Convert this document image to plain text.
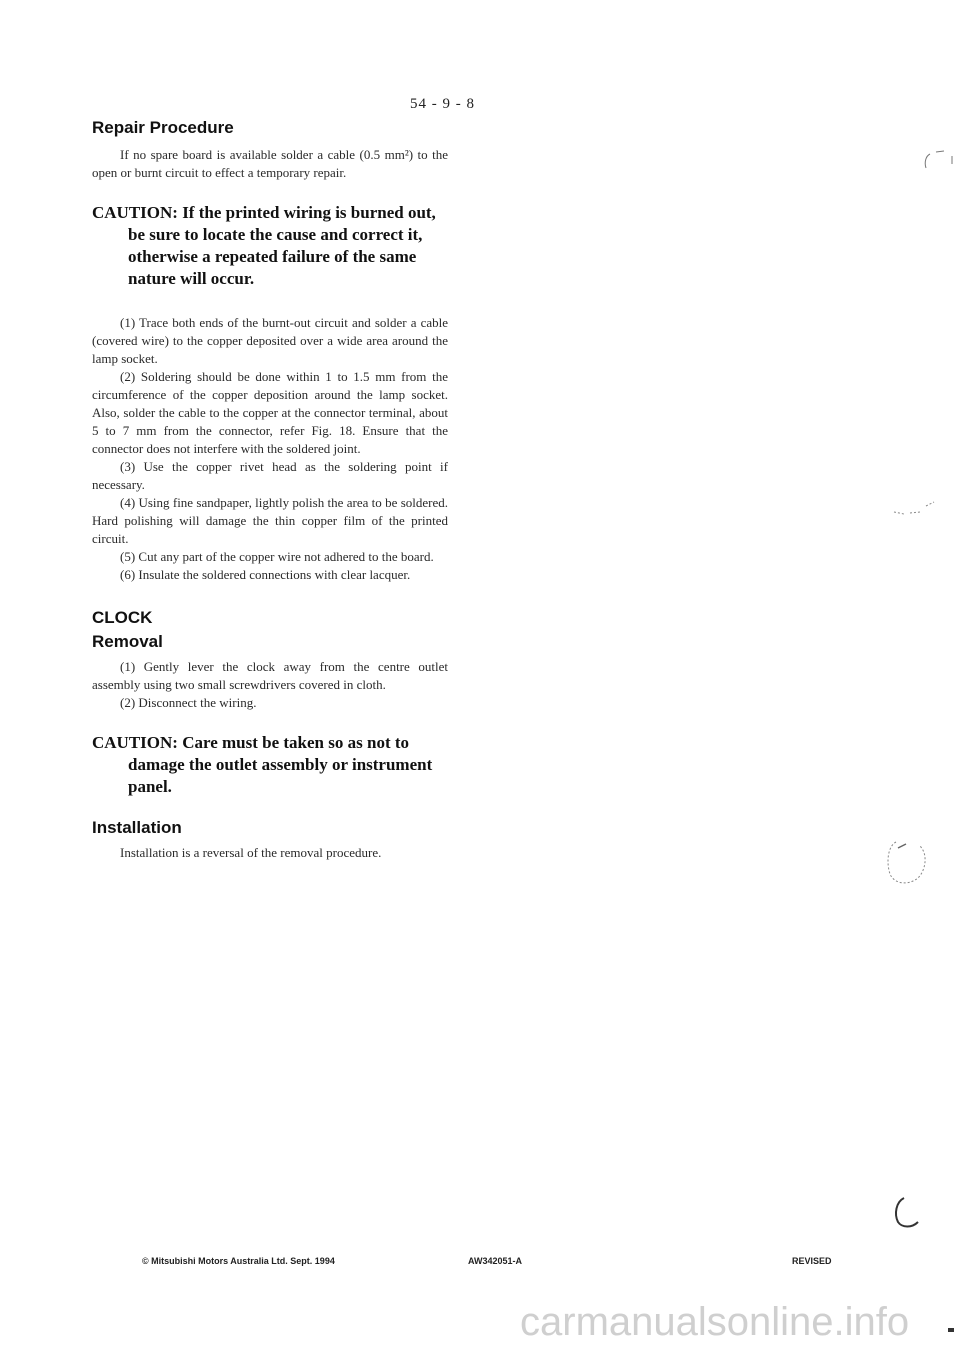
54 - 9 - 8
Repair Procedure

If no spare board is available solder a cable (0.5 mm²) to the open or burnt circuit to effect a temporary repair.

CAUTION: If the printed wiring is burned out, be sure to locate the cause and correct it, otherwise a repeated failure of the same nature will occur.

(1) Trace both ends of the burnt-out circuit and solder a cable (covered wire) to the copper deposited over a wide area around the lamp socket.

(2) Soldering should be done within 1 to 1.5 mm from the circumference of the copper deposition around the lamp socket. Also, solder the cable to the copper at the connector terminal, about 5 to 7 mm from the connector, refer Fig. 18. Ensure that the connector does not interfere with the soldered joint.

(3) Use the copper rivet head as the soldering point if necessary.

(4) Using fine sandpaper, lightly polish the area to be soldered. Hard polishing will damage the thin copper film of the printed circuit.

(5) Cut any part of the copper wire not adhered to the board.

(6) Insulate the soldered connections with clear lacquer.

CLOCK
Removal

(1) Gently lever the clock away from the centre outlet assembly using two small screwdrivers covered in cloth.

(2) Disconnect the wiring.

CAUTION: Care must be taken so as not to damage the outlet assembly or instrument panel.

Installation

Installation is a reversal of the removal procedure.

© Mitsubishi Motors Australia Ltd. Sept. 1994	AW342051-A	REVISED
carmanualsonline.info
